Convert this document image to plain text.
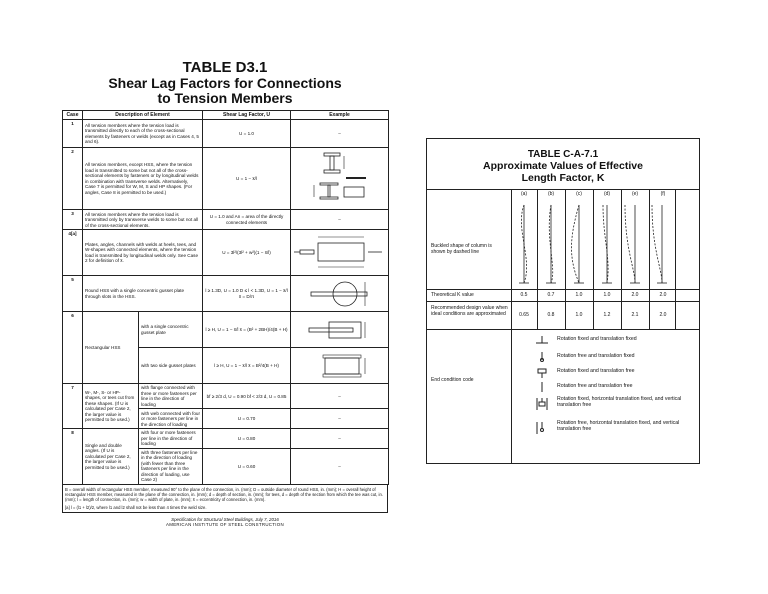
TABLE D3.1
Shear Lag Factors for Connections
to Tension Members
Case	Description of Element		Shear Lag Factor, U	Example
1	All tension members where the tension load is transmitted directly to each of the cross-sectional elements by fasteners or welds (except as in Cases 4, 5 and 6).		U = 1.0	–
2	All tension members, except HSS, where the tension load is transmitted to some but not all of the cross-sectional elements by fasteners or by longitudinal welds in combination with transverse welds. Alternatively, Case 7 is permitted for W, M, S and HP shapes. (For angles, Case 8 is permitted to be used.)		U = 1 − x̄/l	

3	All tension members where the tension load is transmitted only by transverse welds to some but not all of the cross-sectional elements.		U = 1.0 and An = area of the directly connected elements	–
4[a]	Plates, angles, channels with welds at heels, tees, and W-shapes with connected elements, where the tension load is transmitted by longitudinal welds only. See Case 2 for definition of x̄.		U = 3l²/(3l² + w²)(1 − x̄/l)	

5	Round HSS with a single concentric gusset plate through slots in the HSS.		l ≥ 1.3D, U = 1.0 D ≤ l < 1.3D, U = 1 − x̄/l x̄ = D/π	

6	Rectangular HSS	with a single concentric gusset plate	l ≥ H, U = 1 − x̄/l x̄ = (B² + 2BH)/4(B + H)	

		with two side gusset plates	l ≥ H, U = 1 − x̄/l x̄ = B²/4(B + H)	

7	W-, M-, S- or HP-shapes, or tees cut from these shapes. (If U is calculated per Case 2, the larger value is permitted to be used.)	with flange connected with three or more fasteners per line in the direction of loading	bf ≥ 2/3 d, U = 0.90 bf < 2/3 d, U = 0.85	–
		with web connected with four or more fasteners per line in the direction of loading	U = 0.70	–
8	Single and double angles. (If U is calculated per Case 2, the larger value is permitted to be used.)	with four or more fasteners per line in the direction of loading	U = 0.80	–
		with three fasteners per line in the direction of loading (with fewer than three fasteners per line in the direction of loading, use Case 2)	U = 0.60	–
B = overall width of rectangular HSS member, measured 90° to the plane of the connection, in. (mm); D = outside diameter of round HSS, in. (mm); H = overall height of rectangular HSS member, measured in the plane of the connection, in. (mm); d = depth of section, in. (mm); for tees, d = depth of the section from which the tee was cut, in. (mm); l = length of connection, in. (mm); w = width of plate, in. (mm); x̄ = eccentricity of connection, in. (mm).
[a] l = (l1 + l2)/2, where l1 and l2 shall not be less than 4 times the weld size.
Specification for Structural Steel Buildings, July 7, 2016
AMERICAN INSTITUTE OF STEEL CONSTRUCTION
TABLE C-A-7.1
Approximate Values of Effective
Length Factor, K
(a)	(b)	(c)	(d)	(e)	(f)
Buckled shape of column is shown by dashed line
Theoretical K value	0.5	0.7	1.0	1.0	2.0	2.0
Recommended design value when ideal conditions are approximated	0.65	0.8	1.0	1.2	2.1	2.0
End condition code
Rotation fixed and translation fixed
Rotation free and translation fixed
Rotation fixed and translation free
Rotation free and translation free
Rotation fixed, horizontal translation fixed, and vertical translation free
Rotation free, horizontal translation fixed, and vertical translation free
